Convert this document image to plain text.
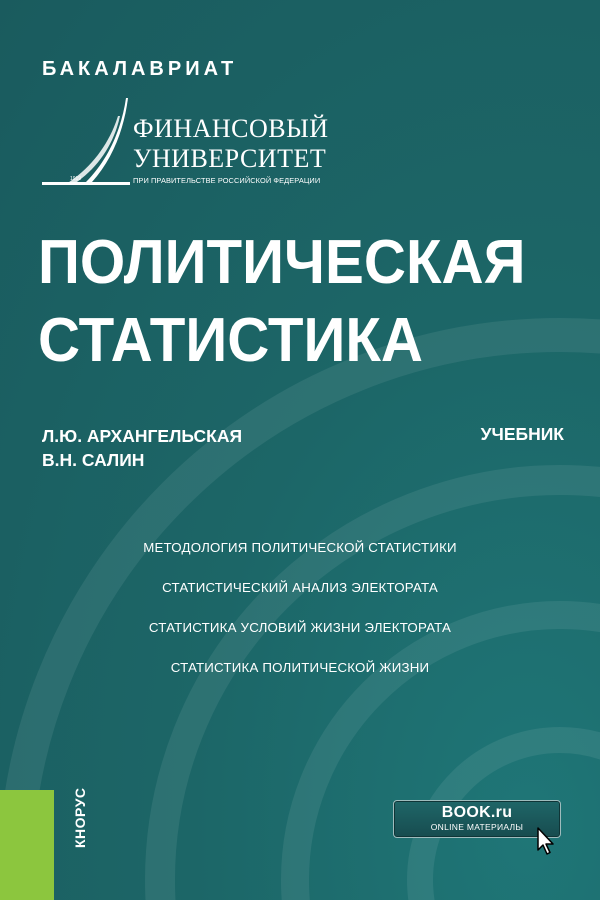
БАКАЛАВРИАТ
1919
ФИНАНСОВЫЙ
УНИВЕРСИТЕТ
ПРИ ПРАВИТЕЛЬСТВЕ РОССИЙСКОЙ ФЕДЕРАЦИИ
ПОЛИТИЧЕСКАЯ
СТАТИСТИКА
Л.Ю. АРХАНГЕЛЬСКАЯ
В.Н. САЛИН
УЧЕБНИК
МЕТОДОЛОГИЯ ПОЛИТИЧЕСКОЙ СТАТИСТИКИ
СТАТИСТИЧЕСКИЙ АНАЛИЗ ЭЛЕКТОРАТА
СТАТИСТИКА УСЛОВИЙ ЖИЗНИ ЭЛЕКТОРАТА
СТАТИСТИКА ПОЛИТИЧЕСКОЙ ЖИЗНИ
КНОРУС	BOOK.ru
ONLINE МАТЕРИАЛЫ
